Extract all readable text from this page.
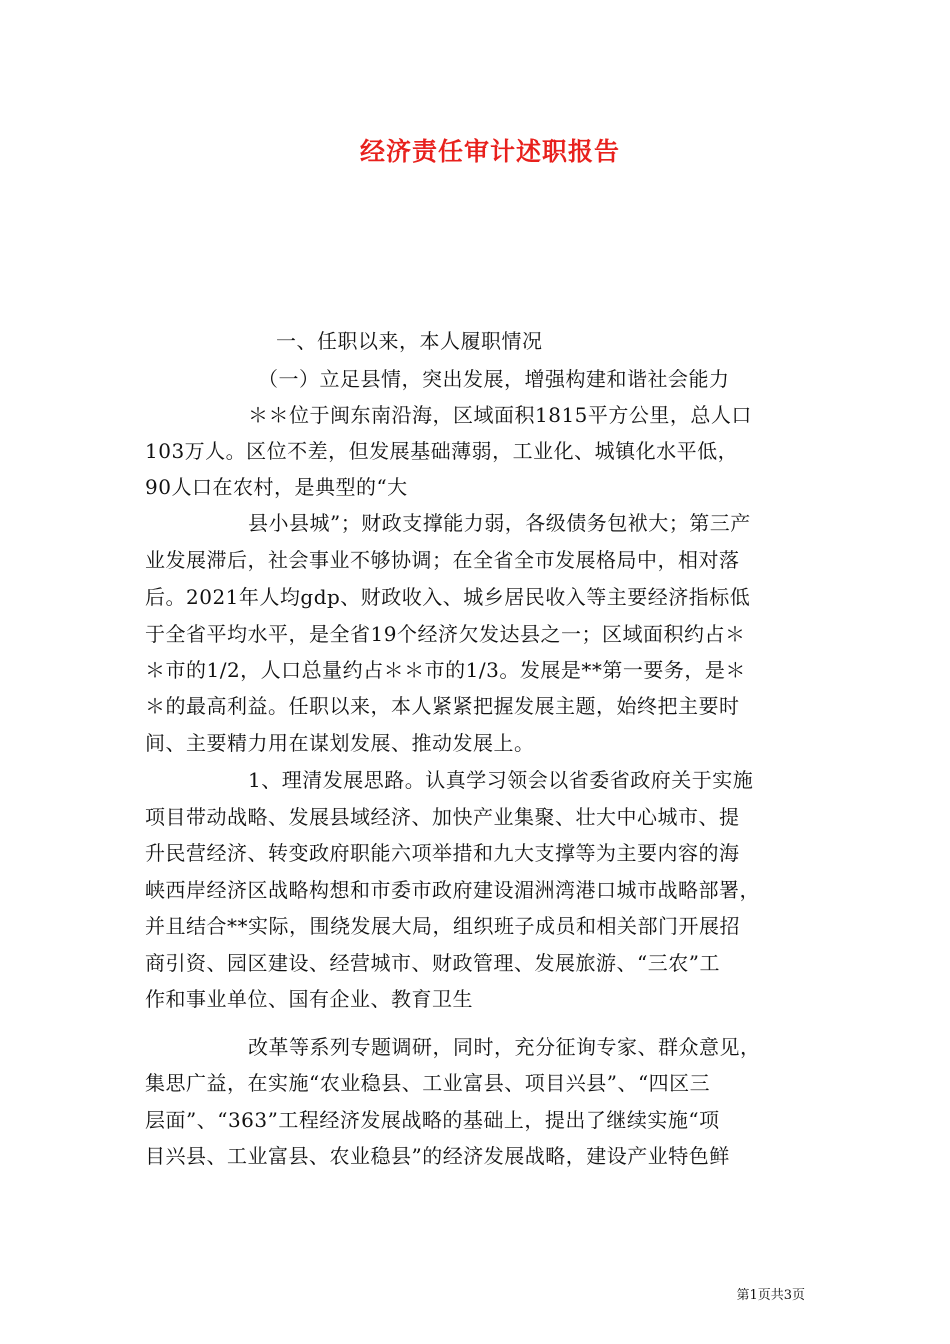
经济责任审计述职报告
一、任职以来，本人履职情况
（一）立足县情，突出发展，增强构建和谐社会能力
＊＊位于闽东南沿海，区域面积1815平方公里，总人口
103万人。区位不差，但发展基础薄弱，工业化、城镇化水平低，
90人口在农村，是典型的“大
县小县城”；财政支撑能力弱，各级债务包袱大；第三产
业发展滞后，社会事业不够协调；在全省全市发展格局中，相对落
后。2021年人均gdp、财政收入、城乡居民收入等主要经济指标低
于全省平均水平，是全省19个经济欠发达县之一；区域面积约占＊
＊市的1/2，人口总量约占＊＊市的1/3。发展是**第一要务，是＊
＊的最高利益。任职以来，本人紧紧把握发展主题，始终把主要时
间、主要精力用在谋划发展、推动发展上。
1、理清发展思路。认真学习领会以省委省政府关于实施
项目带动战略、发展县域经济、加快产业集聚、壮大中心城市、提
升民营经济、转变政府职能六项举措和九大支撑等为主要内容的海
峡西岸经济区战略构想和市委市政府建设湄洲湾港口城市战略部署，
并且结合**实际，围绕发展大局，组织班子成员和相关部门开展招
商引资、园区建设、经营城市、财政管理、发展旅游、“三农”工
作和事业单位、国有企业、教育卫生
改革等系列专题调研，同时，充分征询专家、群众意见，
集思广益，在实施“农业稳县、工业富县、项目兴县”、“四区三
层面”、“363”工程经济发展战略的基础上，提出了继续实施“项
目兴县、工业富县、农业稳县”的经济发展战略，建设产业特色鲜
第1页共3页
